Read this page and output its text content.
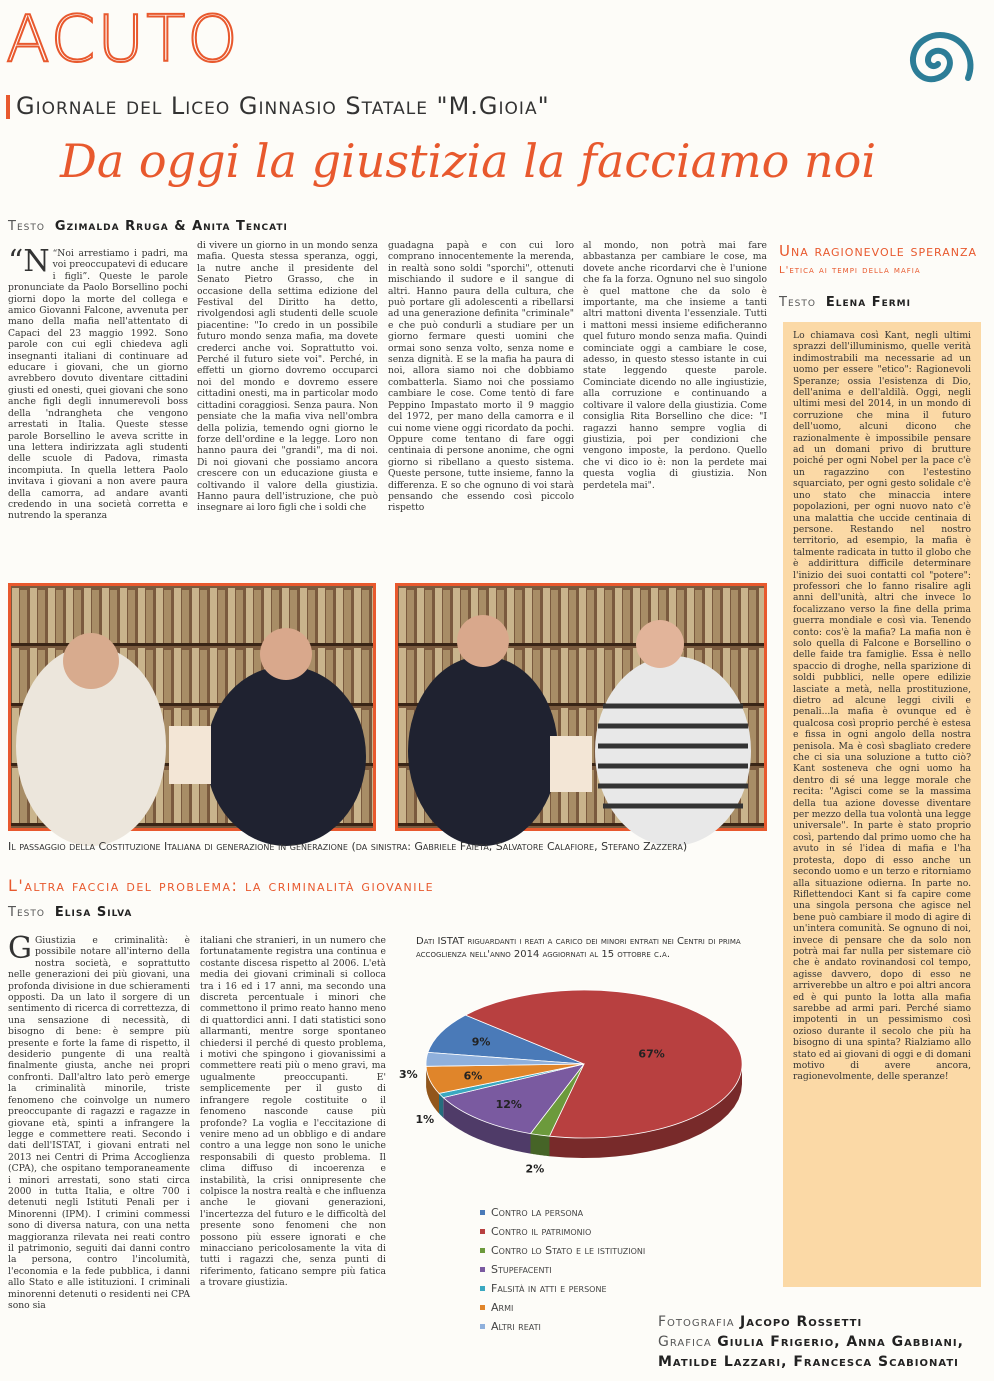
ACUTO
Giornale del Liceo Ginnasio Statale "M.Gioia"
Da oggi la giustizia la facciamo noi
Testo Gzimalda Rruga & Anita Tencati
“N “Noi arrestiamo i padri, ma voi preoccupatevi di educare i figli”. Queste le parole pronunciate da Paolo Borsellino pochi giorni dopo la morte del collega e amico Giovanni Falcone, avvenuta per mano della mafia nell'attentato di Capaci del 23 maggio 1992. Sono parole con cui egli chiedeva agli insegnanti italiani di continuare ad educare i giovani, che un giorno avrebbero dovuto diventare cittadini giusti ed onesti, quei giovani che sono anche figli degli innumerevoli boss della 'ndrangheta che vengono arrestati in Italia. Queste stesse parole Borsellino le aveva scritte in una lettera indirizzata agli studenti delle scuole di Padova, rimasta incompiuta. In quella lettera Paolo invitava i giovani a non avere paura della camorra, ad andare avanti credendo in una società corretta e nutrendo la speranza
di vivere un giorno in un mondo senza mafia. Questa stessa speranza, oggi, la nutre anche il presidente del Senato Pietro Grasso, che in occasione della settima edizione del Festival del Diritto ha detto, rivolgendosi agli studenti delle scuole piacentine: "Io credo in un possibile futuro mondo senza mafia, ma dovete crederci anche voi. Soprattutto voi. Perché il futuro siete voi". Perché, in effetti un giorno dovremo occuparci noi del mondo e dovremo essere cittadini onesti, ma in particolar modo cittadini coraggiosi. Senza paura. Non pensiate che la mafia viva nell'ombra della polizia, temendo ogni giorno le forze dell'ordine e la legge. Loro non hanno paura dei "grandi", ma di noi. Di noi giovani che possiamo ancora crescere con un educazione giusta e coltivando il valore della giustizia. Hanno paura dell'istruzione, che può insegnare ai loro figli che i soldi che
guadagna papà e con cui loro comprano innocentemente la merenda, in realtà sono soldi "sporchi", ottenuti mischiando il sudore e il sangue di altri. Hanno paura della cultura, che può portare gli adolescenti a ribellarsi ad una generazione definita "criminale" e che può condurli a studiare per un giorno fermare questi uomini che ormai sono senza volto, senza nome e senza dignità. E se la mafia ha paura di noi, allora siamo noi che dobbiamo combatterla. Siamo noi che possiamo cambiare le cose. Come tentò di fare Peppino Impastato morto il 9 maggio del 1972, per mano della camorra e il cui nome viene oggi ricordato da pochi. Oppure come tentano di fare oggi centinaia di persone anonime, che ogni giorno si ribellano a questo sistema. Queste persone, tutte insieme, fanno la differenza. E so che ognuno di voi starà pensando che essendo così piccolo rispetto
al mondo, non potrà mai fare abbastanza per cambiare le cose, ma dovete anche ricordarvi che è l'unione che fa la forza. Ognuno nel suo singolo è quel mattone che da solo è importante, ma che insieme a tanti altri mattoni diventa l'essenziale. Tutti i mattoni messi insieme edificheranno quel futuro mondo senza mafia. Quindi cominciate oggi a cambiare le cose, adesso, in questo stesso istante in cui state leggendo queste parole. Cominciate dicendo no alle ingiustizie, alla corruzione e continuando a coltivare il valore della giustizia. Come consiglia Rita Borsellino che dice: "I ragazzi hanno sempre voglia di giustizia, poi per condizioni che vengono imposte, la perdono. Quello che vi dico io è: non la perdete mai questa voglia di giustizia. Non perdetela mai".
Il passaggio della Costituzione Italiana di generazione in generazione (da sinistra: Gabriele Faieta, Salvatore Calafiore, Stefano Zazzera)
Una ragionevole speranza
L'etica ai tempi della mafia
Testo Elena Fermi
Lo chiamava così Kant, negli ultimi sprazzi dell'illuminismo, quelle verità indimostrabili ma necessarie ad un uomo per essere "etico": Ragionevoli Speranze; ossia l'esistenza di Dio, dell'anima e dell'aldilà. Oggi, negli ultimi mesi del 2014, in un mondo di corruzione che mina il futuro dell'uomo, alcuni dicono che razionalmente è impossibile pensare ad un domani privo di brutture poiché per ogni Nobel per la pace c'è un ragazzino con l'estestino squarciato, per ogni gesto solidale c'è uno stato che minaccia intere popolazioni, per ogni nuovo nato c'è una malattia che uccide centinaia di persone. Restando nel nostro territorio, ad esempio, la mafia è talmente radicata in tutto il globo che è addirittura difficile determinare l'inizio dei suoi contatti col "potere": professori che lo fanno risalire agli anni dell'unità, altri che invece lo focalizzano verso la fine della prima guerra mondiale e così via. Tenendo conto: cos'è la mafia? La mafia non è solo quella di Falcone e Borsellino o delle faide tra famiglie. Essa è nello spaccio di droghe, nella sparizione di soldi pubblici, nelle opere edilizie lasciate a metà, nella prostituzione, dietro ad alcune leggi civili e penali...la mafia è ovunque ed è qualcosa così proprio perché è estesa e fissa in ogni angolo della nostra penisola. Ma è così sbagliato credere che ci sia una soluzione a tutto ciò? Kant sosteneva che ogni uomo ha dentro di sé una legge morale che recita: "Agisci come se la massima della tua azione dovesse diventare per mezzo della tua volontà una legge universale". In parte è stato proprio così, partendo dal primo uomo che ha avuto in sé l'idea di mafia e l'ha protesta, dopo di esso anche un secondo uomo e un terzo e ritorniamo alla situazione odierna. In parte no. Riflettendoci Kant si fa capire come una singola persona che agisce nel bene può cambiare il modo di agire di un'intera comunità. Se ognuno di noi, invece di pensare che da solo non potrà mai far nulla per sistemare ciò che è andato rovinandosi col tempo, agisse davvero, dopo di esso ne arriverebbe un altro e poi altri ancora ed è qui punto la lotta alla mafia sarebbe ad armi pari. Perché siamo impotenti in un pessimismo così ozioso durante il secolo che più ha bisogno di una spinta? Rialziamo allo stato ed ai giovani di oggi e di domani motivo di avere ancora, ragionevolmente, delle speranze!
L'altra faccia del problema: la criminalità giovanile
Testo Elisa Silva
G Giustizia e criminalità: è possibile notare all'interno della nostra società, e soprattutto nelle generazioni dei più giovani, una profonda divisione in due schieramenti opposti. Da un lato il sorgere di un sentimento di ricerca di correttezza, di una sensazione di necessità, di bisogno di bene: è sempre più presente e forte la fame di rispetto, il desiderio pungente di una realtà finalmente giusta, anche nei propri confronti. Dall'altro lato però emerge la criminalità minorile, triste fenomeno che coinvolge un numero preoccupante di ragazzi e ragazze in giovane età, spinti a infrangere la legge e commettere reati. Secondo i dati dell'ISTAT, i giovani entrati nel 2013 nei Centri di Prima Accoglienza (CPA), che ospitano temporaneamente i minori arrestati, sono stati circa 2000 in tutta Italia, e oltre 700 i detenuti negli Istituti Penali per i Minorenni (IPM). I crimini commessi sono di diversa natura, con una netta maggioranza rilevata nei reati contro il patrimonio, seguiti dai danni contro la persona, contro l'incolumità, l'economia e la fede pubblica, i danni allo Stato e alle istituzioni. I criminali minorenni detenuti o residenti nei CPA sono sia
italiani che stranieri, in un numero che fortunatamente registra una continua e costante discesa rispetto al 2006. L'età media dei giovani criminali si colloca tra i 16 ed i 17 anni, ma secondo una discreta percentuale i minori che commettono il primo reato hanno meno di quattordici anni. I dati statistici sono allarmanti, mentre sorge spontaneo chiedersi il perché di questo problema, i motivi che spingono i giovanissimi a commettere reati più o meno gravi, ma ugualmente preoccupanti. E' semplicemente per il gusto di infrangere regole costituite o il fenomeno nasconde cause più profonde? La voglia e l'eccitazione di venire meno ad un obbligo e di andare contro a una legge non sono le uniche responsabili di questo problema. Il clima diffuso di incoerenza e instabilità, la crisi onnipresente che colpisce la nostra realtà e che influenza anche le giovani generazioni, l'incertezza del futuro e le difficoltà del presente sono fenomeni che non possono più essere ignorati e che minacciano pericolosamente la vita di tutti i ragazzi che, senza punti di riferimento, faticano sempre più fatica a trovare giustizia.
Dati ISTAT riguardanti i reati a carico dei minori entrati nei Centri di prima accoglienza nell'anno 2014 aggiornati al 15 ottobre c.a.
9%
67%
2%
12%
1%
6%
3%
Contro la persona
Contro il patrimonio
Contro lo Stato e le istituzioni
Stupefacenti
Falsità in atti e persone
Armi
Altri reati	Fotografia Jacopo Rossetti
Grafica Giulia Frigerio, Anna Gabbiani,
Matilde Lazzari, Francesca Scabionati
